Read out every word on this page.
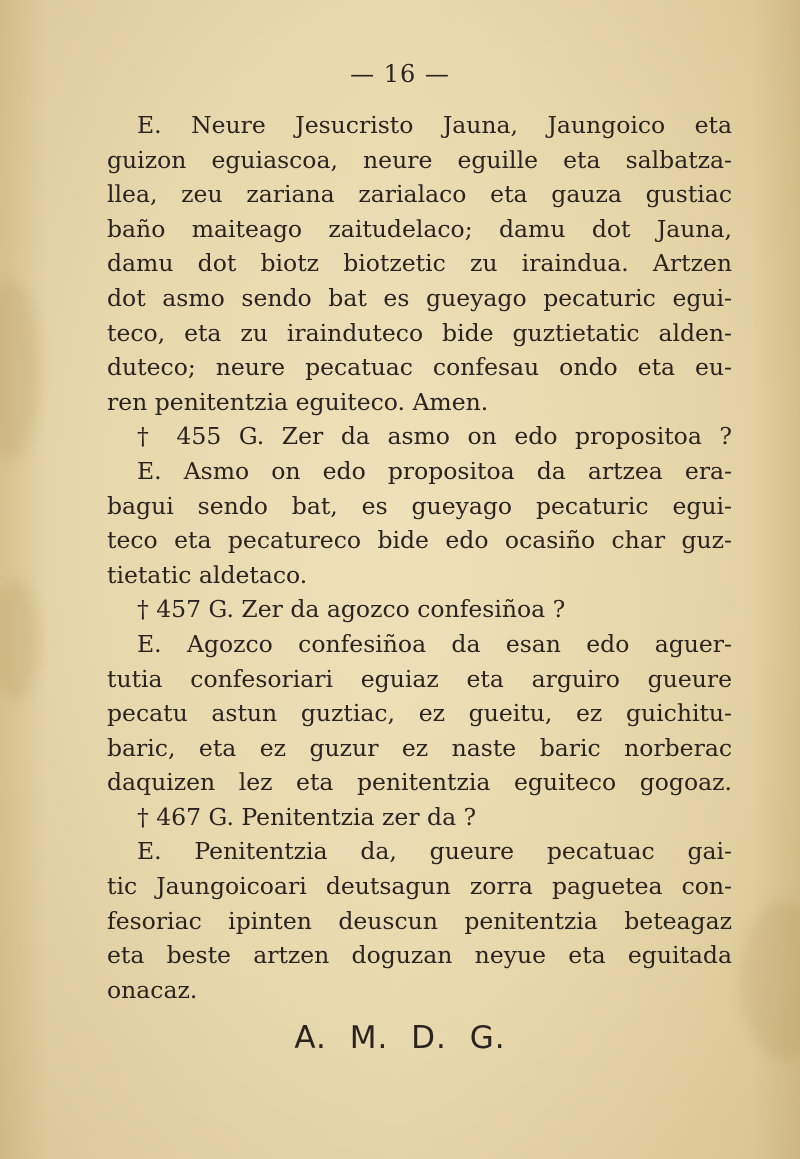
— 16 —
E. Neure Jesucristo Jauna, Jaungoico eta
guizon eguiascoa, neure eguille eta salbatza-
llea, zeu zariana zarialaco eta gauza gustiac
baño maiteago zaitudelaco; damu dot Jauna,
damu dot biotz biotzetic zu iraindua. Artzen
dot asmo sendo bat es gueyago pecaturic egui-
teco, eta zu irainduteco bide guztietatic alden-
duteco; neure pecatuac confesau ondo eta eu-
ren penitentzia eguiteco. Amen.
† 455 G. Zer da asmo on edo propositoa ?
E. Asmo on edo propositoa da artzea era-
bagui sendo bat, es gueyago pecaturic egui-
teco eta pecatureco bide edo ocasiño char guz-
tietatic aldetaco.
† 457 G. Zer da agozco confesiñoa ?
E. Agozco confesiñoa da esan edo aguer-
tutia confesoriari eguiaz eta arguiro gueure
pecatu astun guztiac, ez gueitu, ez guichitu-
baric, eta ez guzur ez naste baric norberac
daquizen lez eta penitentzia eguiteco gogoaz.
† 467 G. Penitentzia zer da ?
E. Penitentzia da, gueure pecatuac gai-
tic Jaungoicoari deutsagun zorra paguetea con-
fesoriac ipinten deuscun penitentzia beteagaz
eta beste artzen doguzan neyue eta eguitada
onacaz.
A. M. D. G.
